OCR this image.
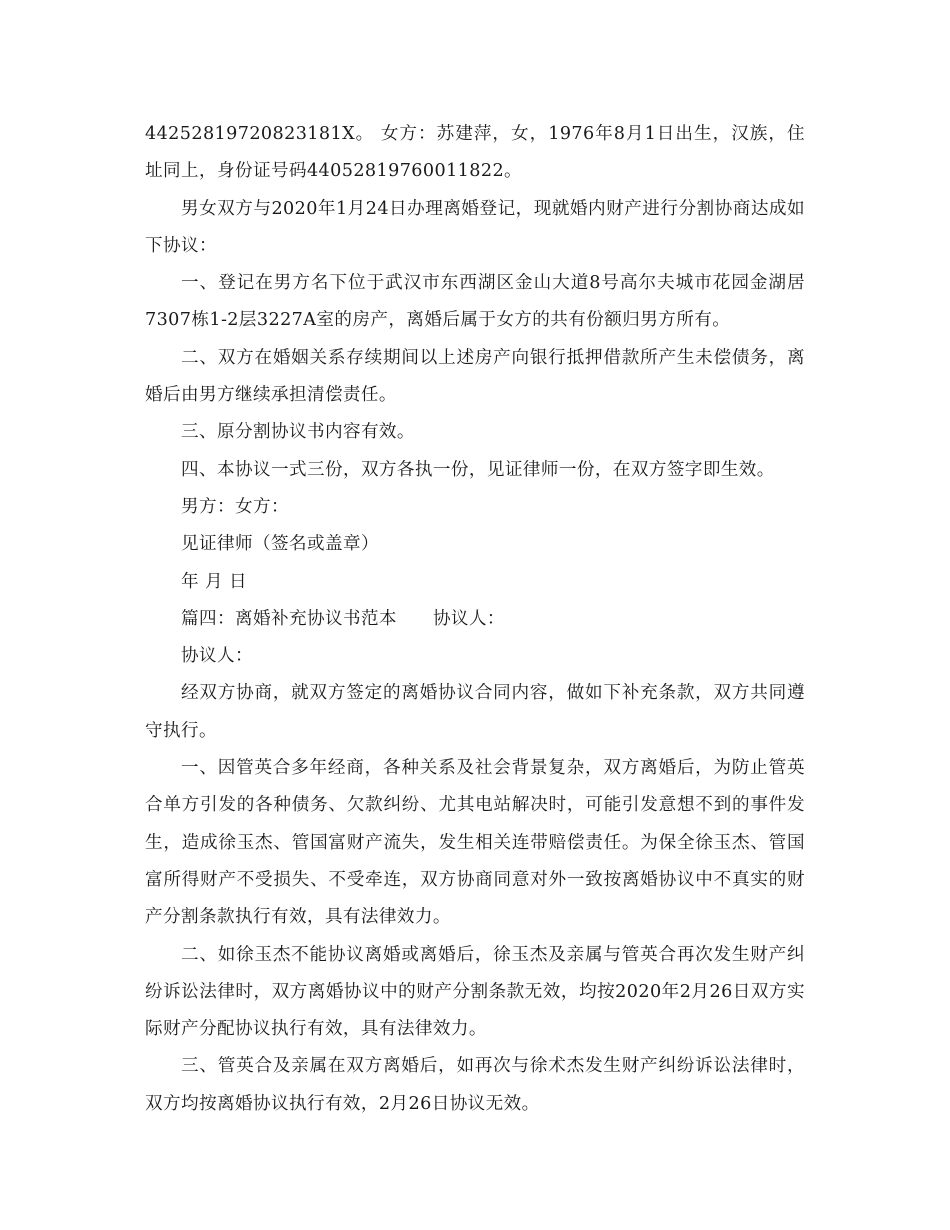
44252819720823181X。 女方：苏建萍，女，1976年8月1日出生，汉族，住址同上，身份证号码44052819760011822。

男女双方与2020年1月24日办理离婚登记，现就婚内财产进行分割协商达成如下协议：

一、登记在男方名下位于武汉市东西湖区金山大道8号高尔夫城市花园金湖居7307栋1-2层3227A室的房产，离婚后属于女方的共有份额归男方所有。

二、双方在婚姻关系存续期间以上述房产向银行抵押借款所产生未偿债务，离婚后由男方继续承担清偿责任。

三、原分割协议书内容有效。

四、本协议一式三份，双方各执一份，见证律师一份，在双方签字即生效。

男方：女方：

见证律师（签名或盖章）

年 月 日

篇四：离婚补充协议书范本 协议人：

协议人：

经双方协商，就双方签定的离婚协议合同内容，做如下补充条款，双方共同遵守执行。

一、因管英合多年经商，各种关系及社会背景复杂，双方离婚后，为防止管英合单方引发的各种债务、欠款纠纷、尤其电站解决时，可能引发意想不到的事件发生，造成徐玉杰、管国富财产流失，发生相关连带赔偿责任。为保全徐玉杰、管国富所得财产不受损失、不受牵连，双方协商同意对外一致按离婚协议中不真实的财产分割条款执行有效，具有法律效力。

二、如徐玉杰不能协议离婚或离婚后，徐玉杰及亲属与管英合再次发生财产纠纷诉讼法律时，双方离婚协议中的财产分割条款无效，均按2020年2月26日双方实际财产分配协议执行有效，具有法律效力。

三、管英合及亲属在双方离婚后，如再次与徐术杰发生财产纠纷诉讼法律时，双方均按离婚协议执行有效，2月26日协议无效。
